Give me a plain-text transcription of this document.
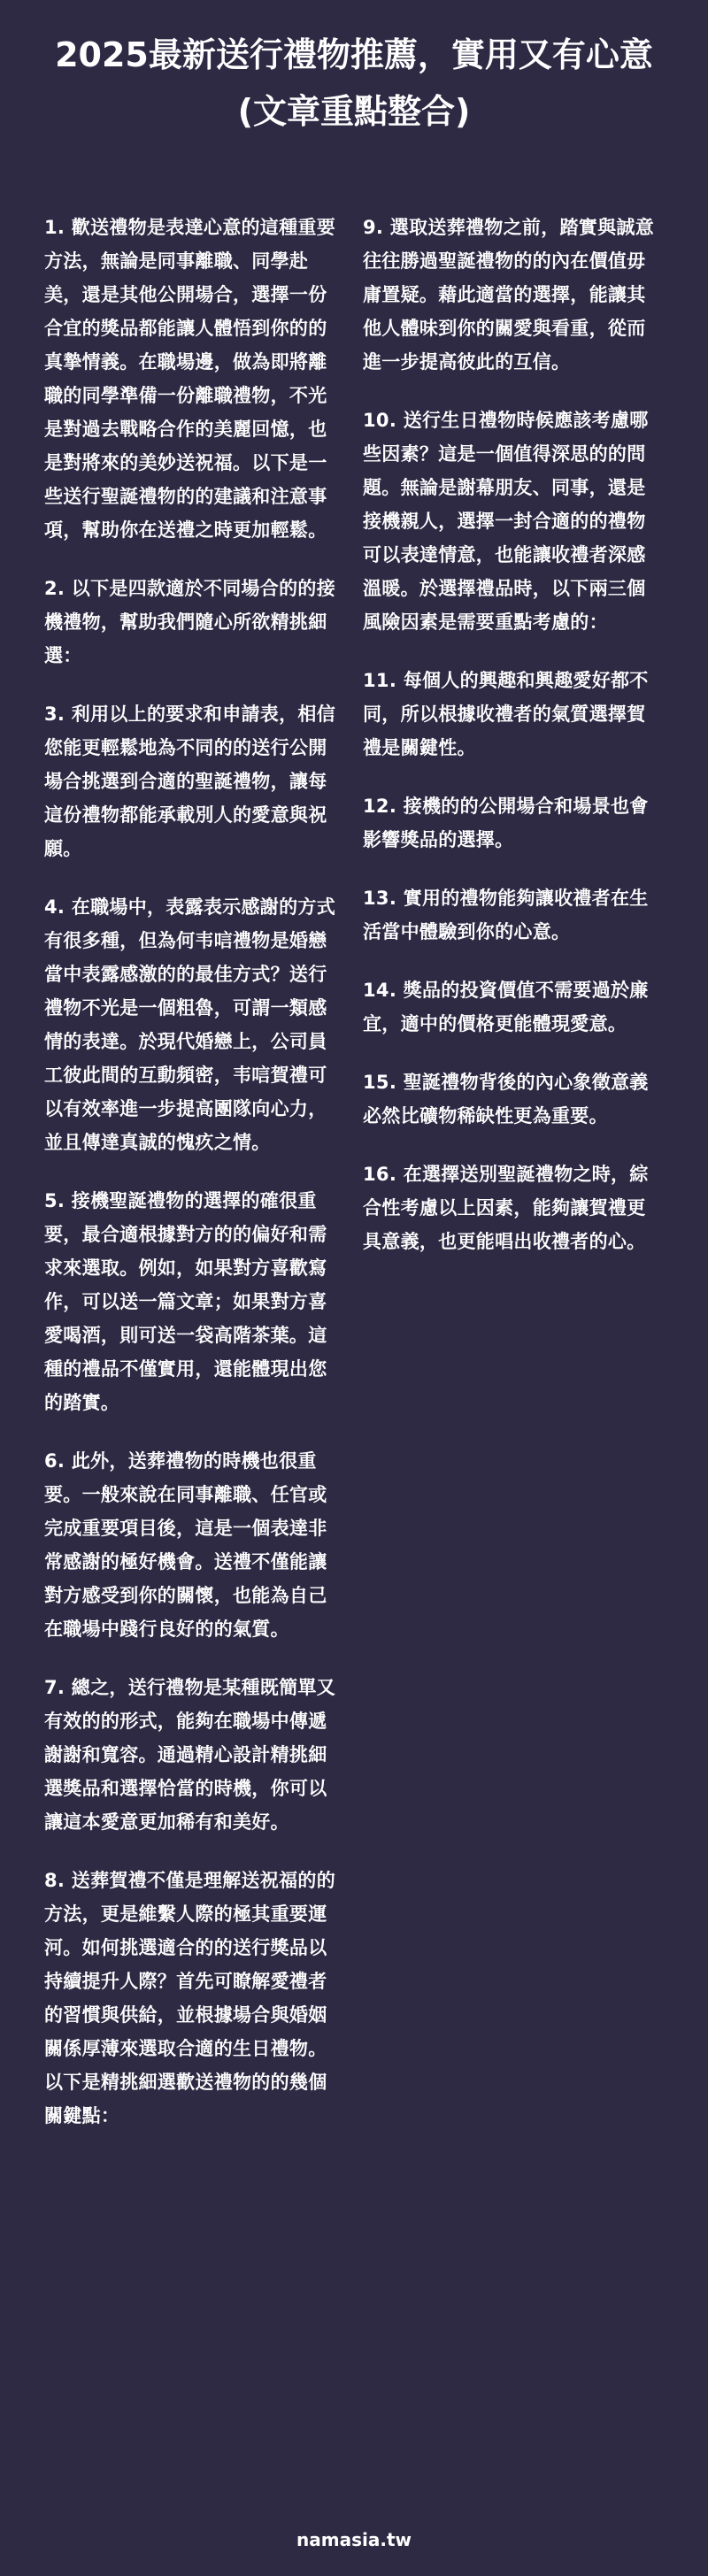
2025最新送行禮物推薦，實用又有心意
(文章重點整合)

1. 歡送禮物是表達心意的這種重要方法，無論是同事離職、同學赴美，還是其他公開場合，選擇一份合宜的獎品都能讓人體悟到你的的真摯情義。在職場邊，做為即將離職的同學準備一份離職禮物，不光是對過去戰略合作的美麗回憶，也是對將來的美妙送祝福。以下是一些送行聖誕禮物的的建議和注意事項，幫助你在送禮之時更加輕鬆。

2. 以下是四款適於不同場合的的接機禮物，幫助我們隨心所欲精挑細選：

3. 利用以上的要求和申請表，相信您能更輕鬆地為不同的的送行公開場合挑選到合適的聖誕禮物，讓每這份禮物都能承載別人的愛意與祝願。

4. 在職場中，表露表示感謝的方式有很多種，但為何韦唁禮物是婚戀當中表露感激的的最佳方式？送行禮物不光是一個粗魯，可謂一類感情的表達。於現代婚戀上，公司員工彼此間的互動頻密，韦唁賀禮可以有效率進一步提高團隊向心力，並且傳達真誠的愧疚之情。

5. 接機聖誕禮物的選擇的確很重要，最合適根據對方的的偏好和需求來選取。例如，如果對方喜歡寫作，可以送一篇文章；如果對方喜愛喝酒，則可送一袋高階茶葉。這種的禮品不僅實用，還能體現出您的踏實。

6. 此外，送葬禮物的時機也很重要。一般來說在同事離職、任官或完成重要項目後，這是一個表達非常感謝的極好機會。送禮不僅能讓對方感受到你的關懷，也能為自己在職場中踐行良好的的氣質。

7. 總之，送行禮物是某種既簡單又有效的的形式，能夠在職場中傳遞謝謝和寬容。通過精心設計精挑細選獎品和選擇恰當的時機，你可以讓這本愛意更加稀有和美好。

8. 送葬賀禮不僅是理解送祝福的的方法，更是維繫人際的極其重要運河。如何挑選適合的的送行獎品以持續提升人際？首先可瞭解愛禮者的習慣與供給，並根據場合與婚姻關係厚薄來選取合適的生日禮物。以下是精挑細選歡送禮物的的幾個關鍵點：

9. 選取送葬禮物之前，踏實與誠意往往勝過聖誕禮物的的內在價值毋庸置疑。藉此適當的選擇，能讓其他人體味到你的關愛與看重，從而進一步提高彼此的互信。

10. 送行生日禮物時候應該考慮哪些因素？這是一個值得深思的的問題。無論是謝幕朋友、同事，還是接機親人，選擇一封合適的的禮物可以表達情意，也能讓收禮者深感溫暖。於選擇禮品時，以下兩三個風險因素是需要重點考慮的：

11. 每個人的興趣和興趣愛好都不同，所以根據收禮者的氣質選擇賀禮是關鍵性。

12. 接機的的公開場合和場景也會影響獎品的選擇。

13. 實用的禮物能夠讓收禮者在生活當中體驗到你的心意。

14. 獎品的投資價值不需要過於廉宜，適中的價格更能體現愛意。

15. 聖誕禮物背後的內心象徵意義必然比礦物稀缺性更為重要。

16. 在選擇送別聖誕禮物之時，綜合性考慮以上因素，能夠讓賀禮更具意義，也更能唱出收禮者的心。

namasia.tw
